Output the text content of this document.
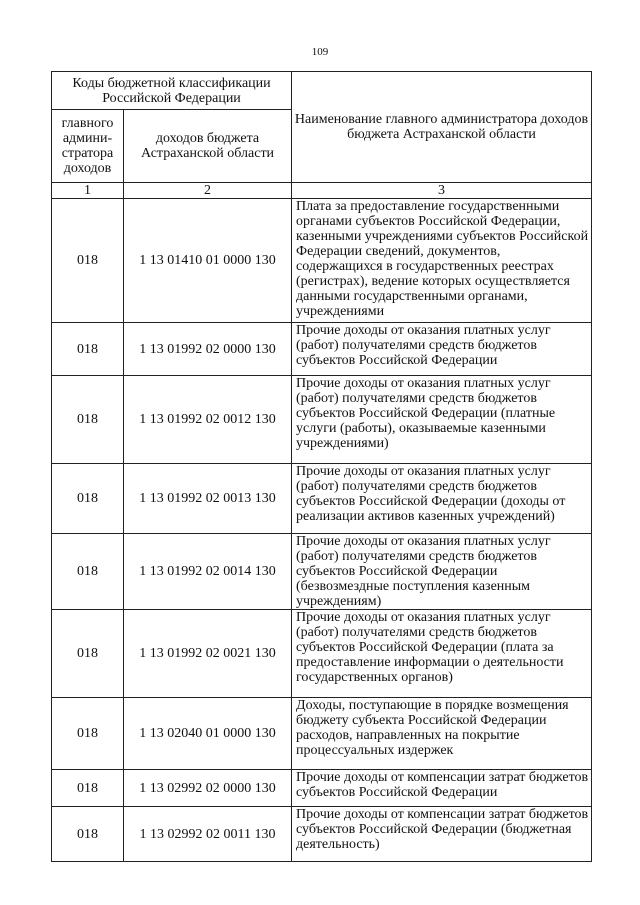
109
Коды бюджетной классификации Российской Федерации		Наименование главного администратора доходов бюджета Астраханской области
главного админи-стратора доходов	доходов бюджета Астраханской области	
1	2	3
018	1 13 01410 01 0000 130	Плата за предоставление государственными органами субъектов Российской Федерации, казенными учреждениями субъектов Российской Федерации сведений, документов, содержащихся в государственных реестрах (регистрах), ведение которых осуществляется данными государственными органами, учреждениями
018	1 13 01992 02 0000 130	Прочие доходы от оказания платных услуг (работ) получателями средств бюджетов субъектов Российской Федерации
018	1 13 01992 02 0012 130	Прочие доходы от оказания платных услуг (работ) получателями средств бюджетов субъектов Российской Федерации (платные услуги (работы), оказываемые казенными учреждениями)
018	1 13 01992 02 0013 130	Прочие доходы от оказания платных услуг (работ) получателями средств бюджетов субъектов Российской Федерации (доходы от реализации активов казенных учреждений)
018	1 13 01992 02 0014 130	Прочие доходы от оказания платных услуг (работ) получателями средств бюджетов субъектов Российской Федерации (безвозмездные поступления казенным учреждениям)
018	1 13 01992 02 0021 130	Прочие доходы от оказания платных услуг (работ) получателями средств бюджетов субъектов Российской Федерации (плата за предоставление информации о деятельности государственных органов)
018	1 13 02040 01 0000 130	Доходы, поступающие в порядке возмещения бюджету субъекта Российской Федерации расходов, направленных на покрытие процессуальных издержек
018	1 13 02992 02 0000 130	Прочие доходы от компенсации затрат бюджетов субъектов Российской Федерации
018	1 13 02992 02 0011 130	Прочие доходы от компенсации затрат бюджетов субъектов Российской Федерации (бюджетная деятельность)
